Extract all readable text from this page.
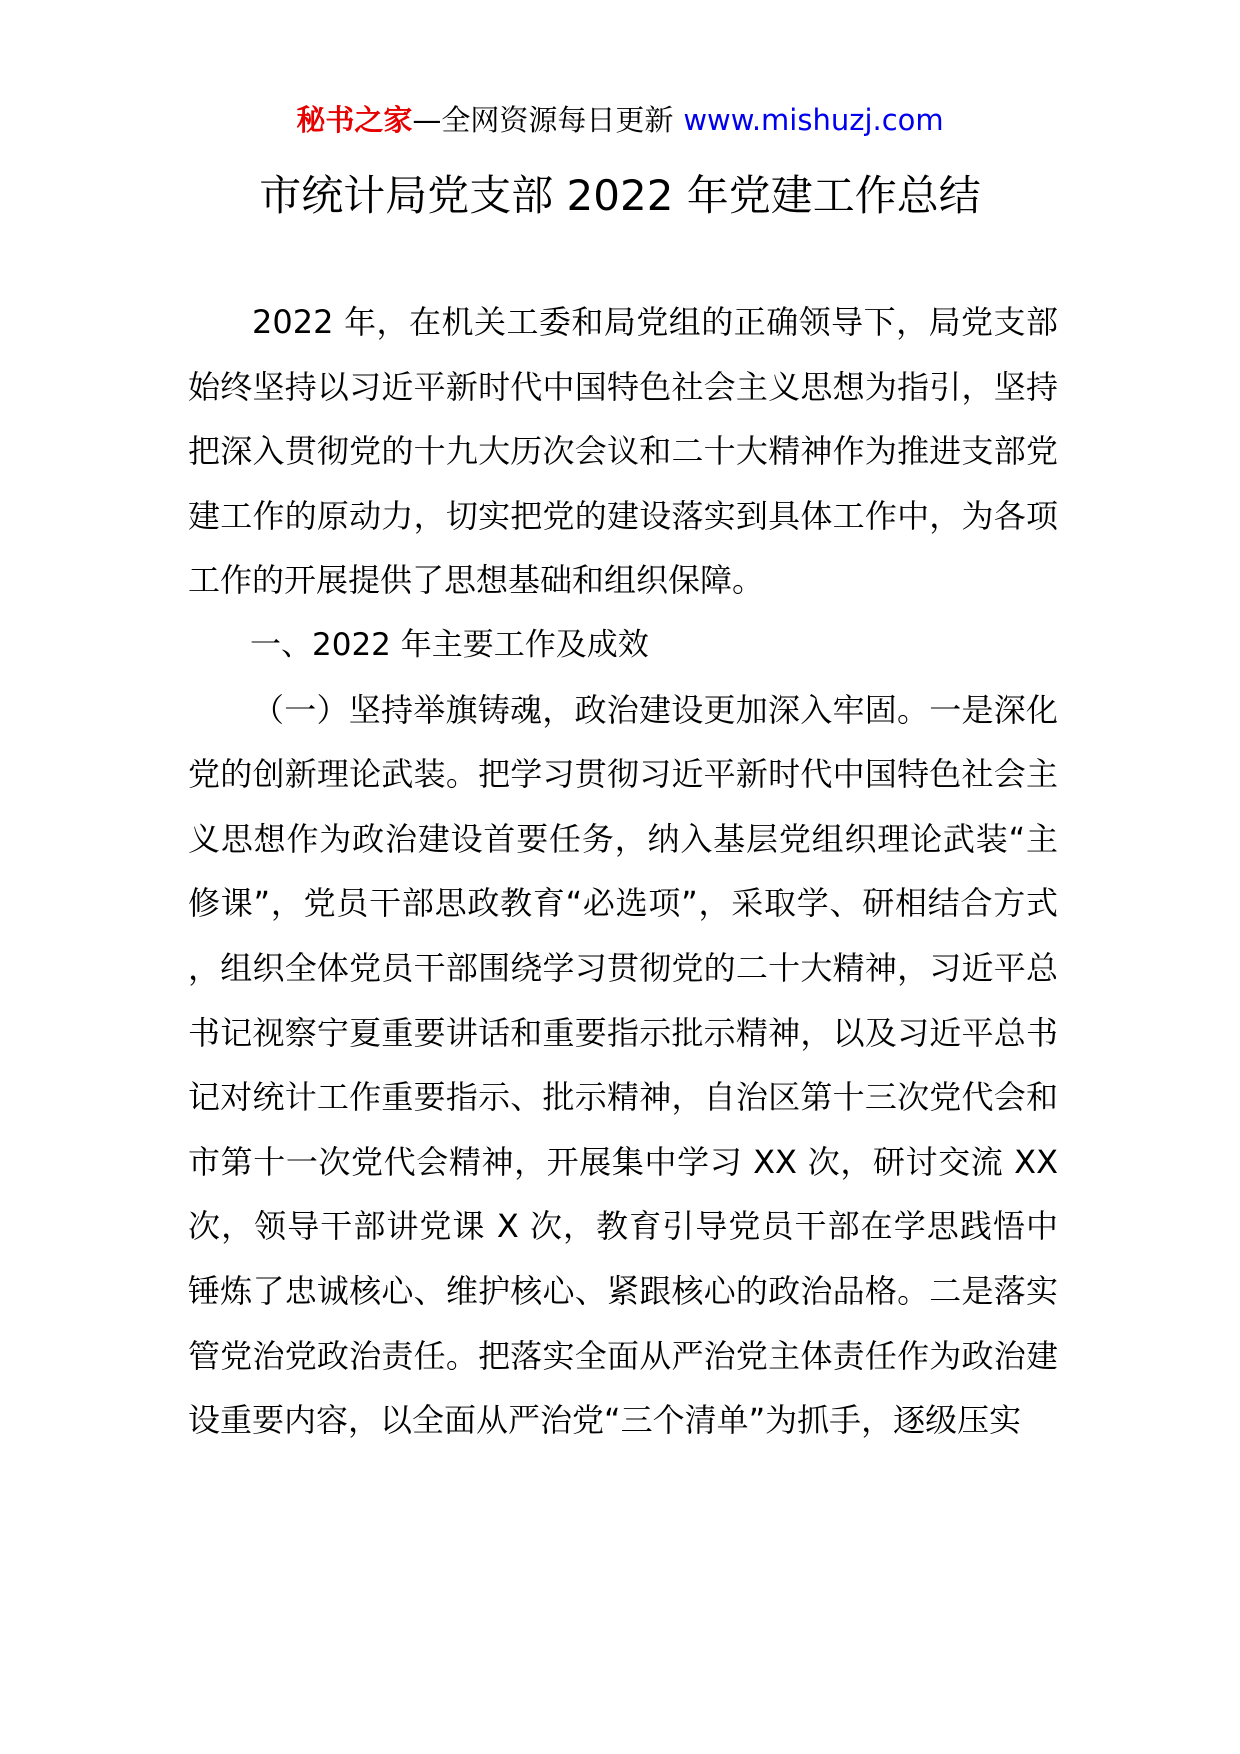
秘书之家—全网资源每日更新 www.mishuzj.com
市统计局党支部 2022 年党建工作总结

2022 年，在机关工委和局党组的正确领导下，局党支部始终坚持以习近平新时代中国特色社会主义思想为指引，坚持把深入贯彻党的十九大历次会议和二十大精神作为推进支部党建工作的原动力，切实把党的建设落实到具体工作中，为各项工作的开展提供了思想基础和组织保障。

一、2022 年主要工作及成效

（一）坚持举旗铸魂，政治建设更加深入牢固。一是深化党的创新理论武装。把学习贯彻习近平新时代中国特色社会主义思想作为政治建设首要任务，纳入基层党组织理论武装“主修课”，党员干部思政教育“必选项”，采取学、研相结合方式，组织全体党员干部围绕学习贯彻党的二十大精神，习近平总书记视察宁夏重要讲话和重要指示批示精神，以及习近平总书记对统计工作重要指示、批示精神，自治区第十三次党代会和市第十一次党代会精神，开展集中学习 XX 次，研讨交流 XX 次，领导干部讲党课 X 次，教育引导党员干部在学思践悟中锤炼了忠诚核心、维护核心、紧跟核心的政治品格。二是落实管党治党政治责任。把落实全面从严治党主体责任作为政治建设重要内容，以全面从严治党“三个清单”为抓手，逐级压实
